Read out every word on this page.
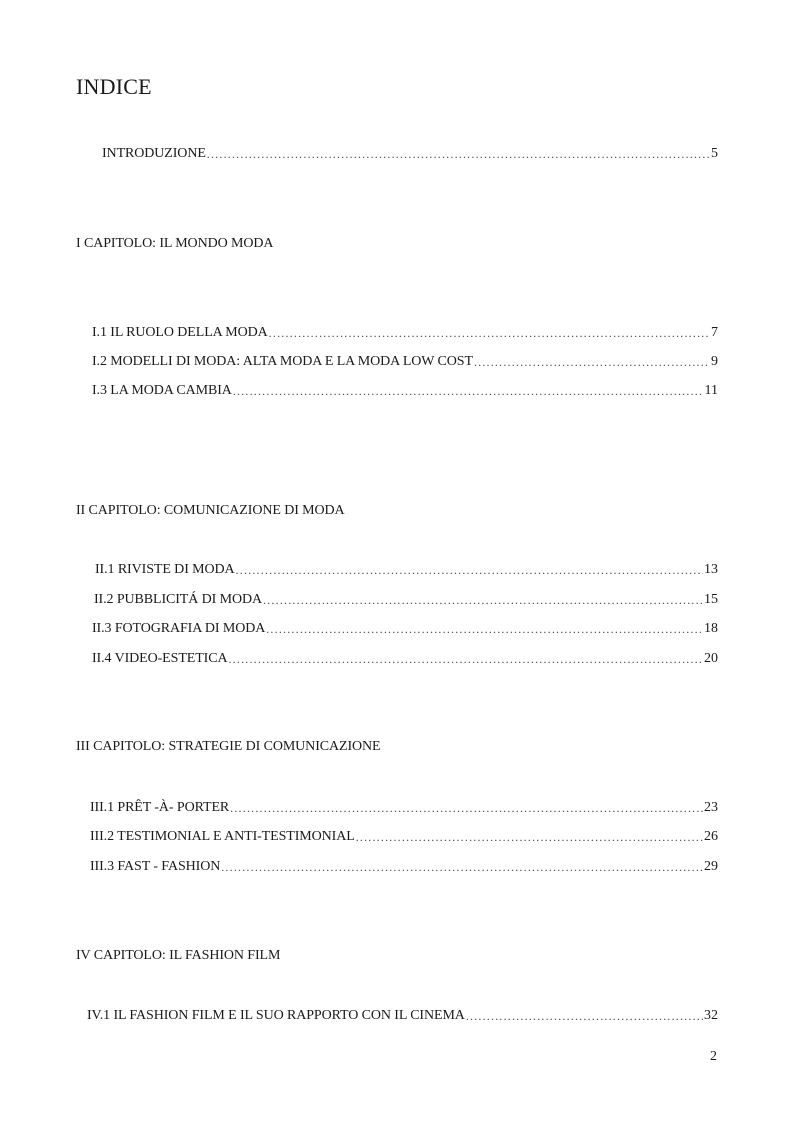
INDICE
INTRODUZIONE .....	5
I CAPITOLO: IL MONDO MODA
I.1 IL RUOLO DELLA MODA .....	7
I.2 MODELLI DI MODA: ALTA MODA E LA MODA LOW COST .....	9
I.3 LA MODA CAMBIA .....	11
II CAPITOLO: COMUNICAZIONE DI MODA
II.1 RIVISTE DI MODA .....	13
II.2 PUBBLICITÁ DI MODA .....	15
II.3 FOTOGRAFIA DI MODA .....	18
II.4 VIDEO-ESTETICA .....	20
III CAPITOLO: STRATEGIE DI COMUNICAZIONE
III.1 PRÊT -À- PORTER .....	23
III.2 TESTIMONIAL E ANTI-TESTIMONIAL .....	26
III.3 FAST - FASHION .....	29
IV CAPITOLO: IL FASHION FILM
IV.1 IL FASHION FILM E IL SUO RAPPORTO CON IL CINEMA .....	32
2
